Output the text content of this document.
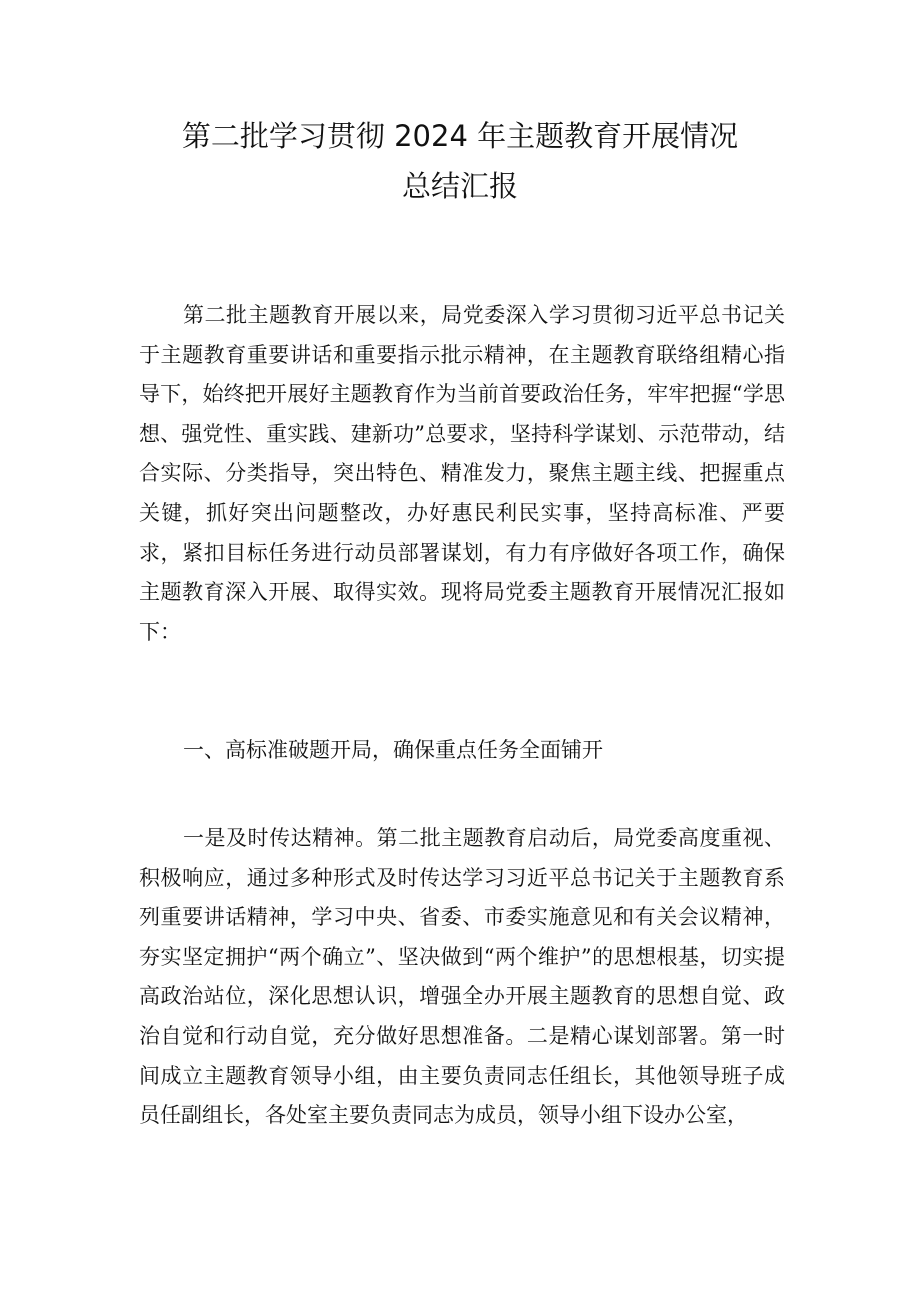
第二批学习贯彻 2024 年主题教育开展情况
总结汇报

第二批主题教育开展以来，局党委深入学习贯彻习近平总书记关于主题教育重要讲话和重要指示批示精神，在主题教育联络组精心指导下，始终把开展好主题教育作为当前首要政治任务，牢牢把握“学思想、强党性、重实践、建新功”总要求，坚持科学谋划、示范带动，结合实际、分类指导，突出特色、精准发力，聚焦主题主线、把握重点关键，抓好突出问题整改，办好惠民利民实事，坚持高标准、严要求，紧扣目标任务进行动员部署谋划，有力有序做好各项工作，确保主题教育深入开展、取得实效。现将局党委主题教育开展情况汇报如下：

一、高标准破题开局，确保重点任务全面铺开

一是及时传达精神。第二批主题教育启动后，局党委高度重视、积极响应，通过多种形式及时传达学习习近平总书记关于主题教育系列重要讲话精神，学习中央、省委、市委实施意见和有关会议精神，夯实坚定拥护“两个确立”、坚决做到“两个维护”的思想根基，切实提高政治站位，深化思想认识，增强全办开展主题教育的思想自觉、政治自觉和行动自觉，充分做好思想准备。二是精心谋划部署。第一时间成立主题教育领导小组，由主要负责同志任组长，其他领导班子成员任副组长，各处室主要负责同志为成员，领导小组下设办公室，
